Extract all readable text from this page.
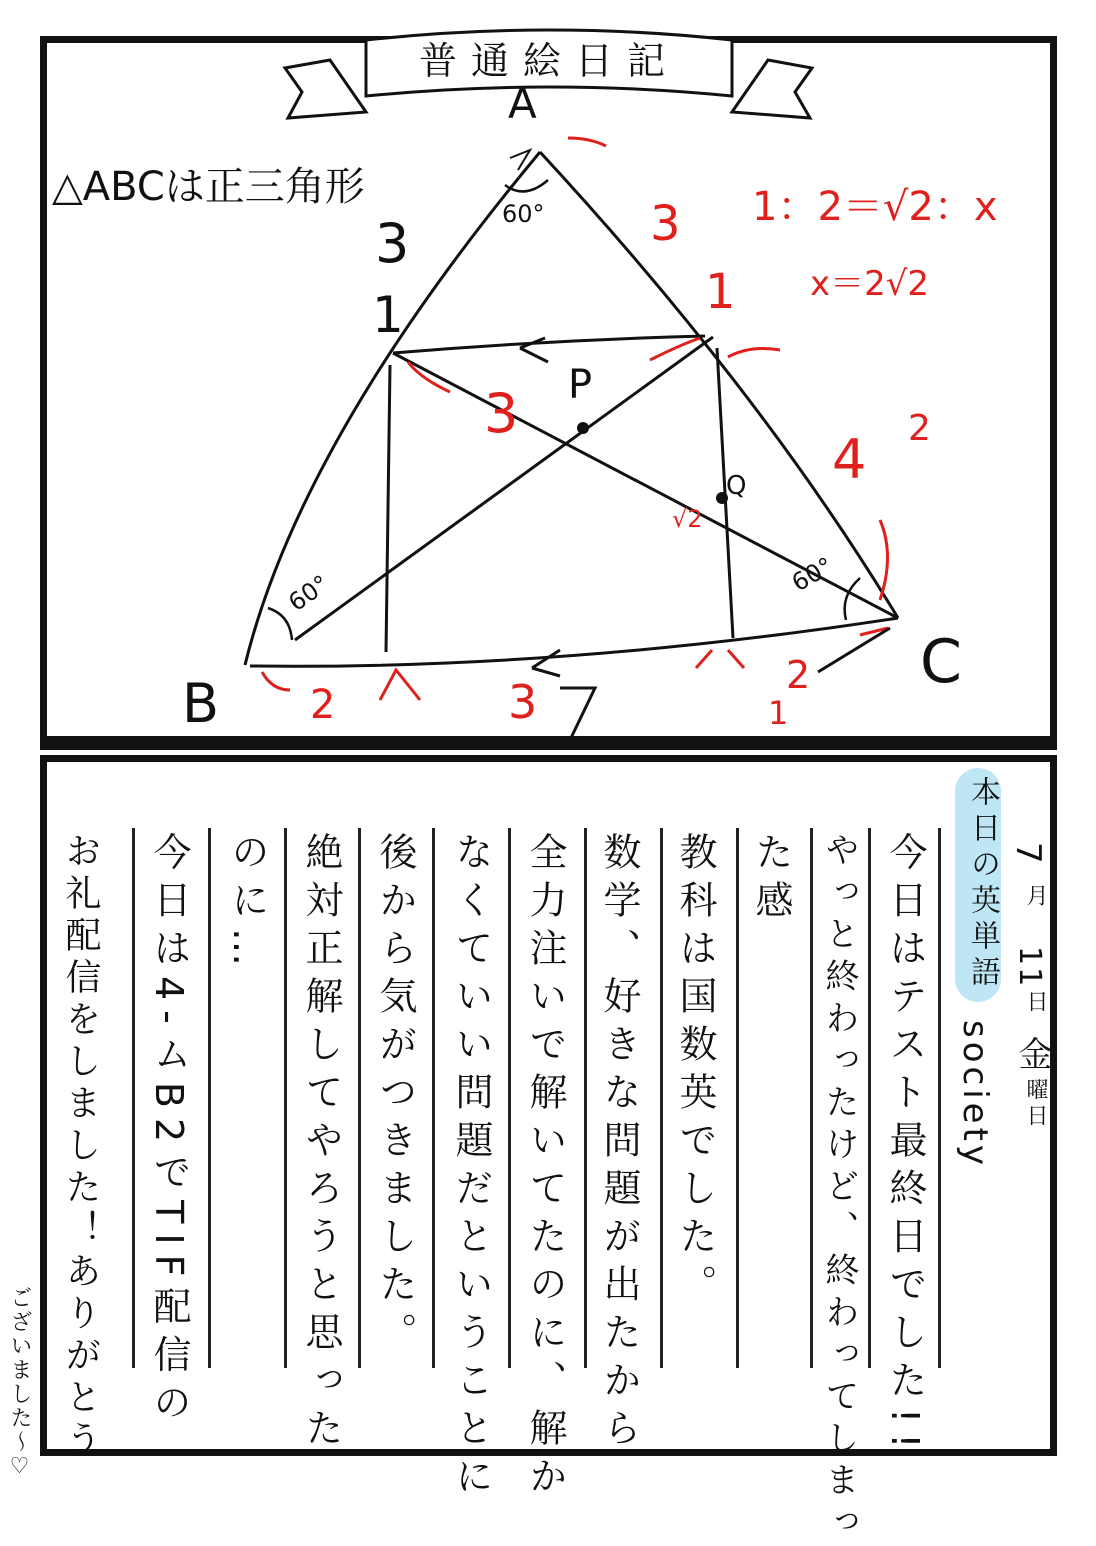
普通絵日記
A
B
C
P
Q
60°
60°	60°
△ABCは正三角形
3
1
1：2＝√2：x
x＝2√2
3
1
3
4 2
√2
2	3	2
1
7
月
11
日
金
曜日
本日の英単語
society
今日はテスト最終日でした!!
やっと終わったけど、終わってしまっ
た感
教科は国数英でした。
数学、好きな問題が出たから
全力注いで解いてたのに、解か
なくていい問題だということに
後から気がつきました。
絶対正解してやろうと思った
のに…
今日は4-ムB2でTIF配信の
お礼配信をしました！ありがとう
ございました〜♡
